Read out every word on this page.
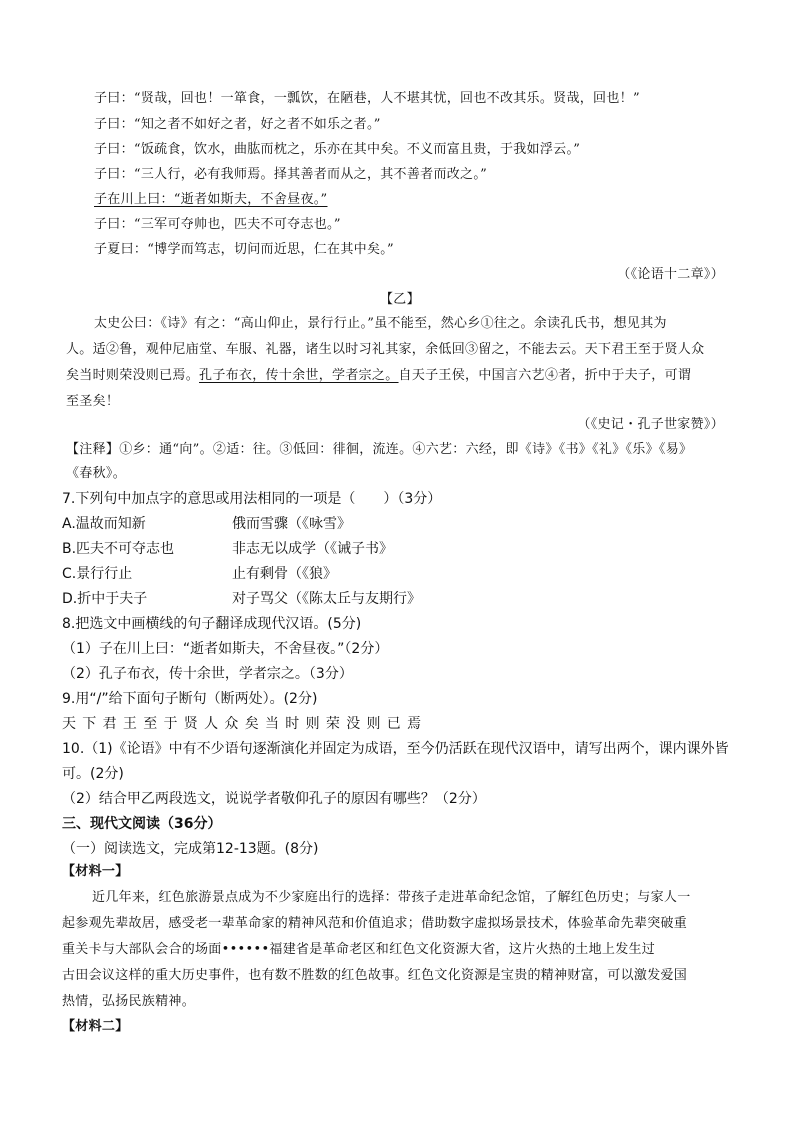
子曰：“贤哉，回也！一箪食，一瓢饮，在陋巷，人不堪其忧，回也不改其乐。贤哉，回也！”
子曰：“知之者不如好之者，好之者不如乐之者。”
子曰：“饭疏食，饮水，曲肱而枕之，乐亦在其中矣。不义而富且贵，于我如浮云。”
子曰：“三人行，必有我师焉。择其善者而从之，其不善者而改之。”
子在川上曰：“逝者如斯夫，不舍昼夜。”
子曰：“三军可夺帅也，匹夫不可夺志也。”
子夏曰：“博学而笃志，切问而近思，仁在其中矣。”
（《论语十二章》）
【乙】
太史公曰：《诗》有之：“高山仰止，景行行止。”虽不能至，然心乡①往之。余读孔氏书，想见其为
人。适②鲁，观仲尼庙堂、车服、礼器，诸生以时习礼其家，余低回③留之，不能去云。天下君王至于贤人众
矣当时则荣没则已焉。孔子布衣，传十余世，学者宗之。自天子王侯，中国言六艺④者，折中于夫子，可谓
至圣矣！
（《史记・孔子世家赞》）
【注释】①乡：通“向”。②适：往。③低回：徘徊，流连。④六艺：六经，即《诗》《书》《礼》《乐》《易》
《春秋》。
7.下列句中加点字的意思或用法相同的一项是（　　）（3分）
A.温故而知新	俄而雪骤（《咏雪》
B.匹夫不可夺志也	非志无以成学（《诫子书》
C.景行行止	止有剩骨（《狼》
D.折中于夫子	对子骂父（《陈太丘与友期行》
8.把选文中画横线的句子翻译成现代汉语。(5分)
（1）子在川上曰：“逝者如斯夫，不舍昼夜。”（2分）
（2）孔子布衣，传十余世，学者宗之。（3分）
9.用“/”给下面句子断句（断两处）。(2分)
天下君王至于贤人众矣当时则荣没则已焉
10.（1)《论语》中有不少语句逐渐演化并固定为成语，至今仍活跃在现代汉语中，请写出两个，课内课外皆
可。(2分)
（2）结合甲乙两段选文，说说学者敬仰孔子的原因有哪些？（2分）
三、现代文阅读（36分）
（一）阅读选文，完成第12-13题。(8分)
【材料一】
近几年来，红色旅游景点成为不少家庭出行的选择：带孩子走进革命纪念馆，了解红色历史；与家人一
起参观先辈故居，感受老一辈革命家的精神风范和价值追求；借助数字虚拟场景技术，体验革命先辈突破重
重关卡与大部队会合的场面••••••福建省是革命老区和红色文化资源大省，这片火热的土地上发生过
古田会议这样的重大历史事件，也有数不胜数的红色故事。红色文化资源是宝贵的精神财富，可以激发爱国
热情，弘扬民族精神。
【材料二】
